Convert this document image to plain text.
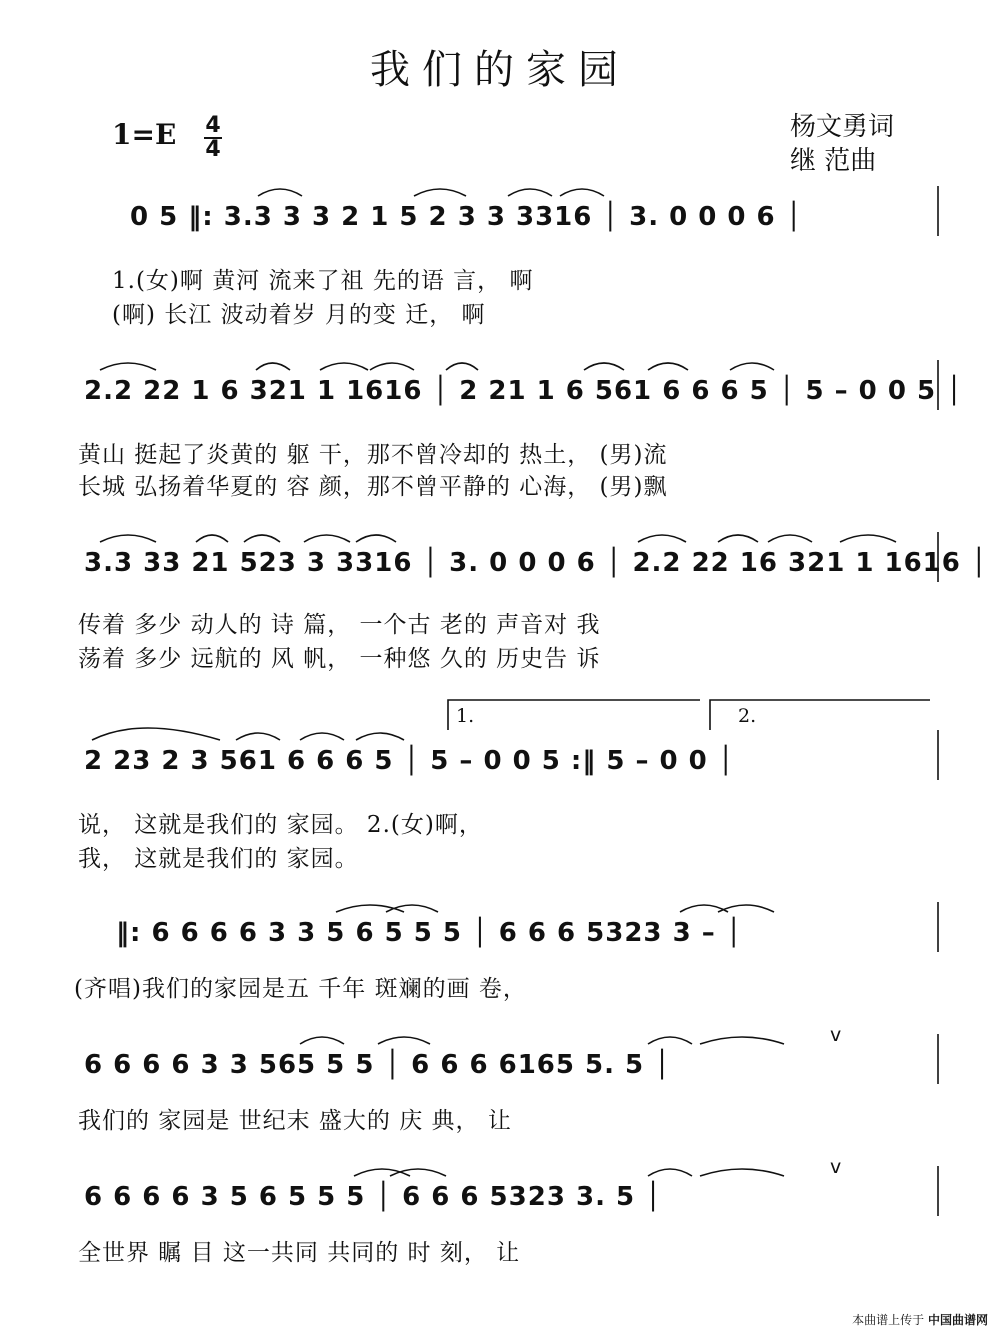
我们的家园
1=E 4
4
杨文勇词
继 范曲
0 5 ‖: 3.3 3 3 2 1 5 2 3 3 3316 │ 3. 0 0 0 6 │
1.(女)啊 黄河 流来了祖 先的语 言， 啊
(啊) 长江 波动着岁 月的变 迁， 啊
2.2 22 1 6 321 1 1616 │ 2 21 1 6 561 6 6 6 5 │ 5 – 0 0 5 │
黄山 挺起了炎黄的 躯 干，那不曾冷却的 热土， (男)流
长城 弘扬着华夏的 容 颜，那不曾平静的 心海， (男)飘
3.3 33 21 523 3 3316 │ 3. 0 0 0 6 │ 2.2 22 16 321 1 1616 │
传着 多少 动人的 诗 篇， 一个古 老的 声音对 我
荡着 多少 远航的 风 帆， 一种悠 久的 历史告 诉
1.	2.
2 23 2 3 561 6 6 6 5 │ 5 – 0 0 5 :‖ 5 – 0 0 │
说， 这就是我们的 家园。 2.(女)啊，
我， 这就是我们的 家园。
‖: 6 6 6 6 3 3 5 6 5 5 5 │ 6 6 6 5323 3 – │
(齐唱)我们的家园是五 千年 斑斓的画 卷，
v
6 6 6 6 3 3 565 5 5 │ 6 6 6 6165 5. 5 │
我们的 家园是 世纪末 盛大的 庆 典， 让
v
6 6 6 6 3 5 6 5 5 5 │ 6 6 6 5323 3. 5 │
全世界 瞩 目 这一共同 共同的 时 刻， 让
本曲谱上传于 中国曲谱网
